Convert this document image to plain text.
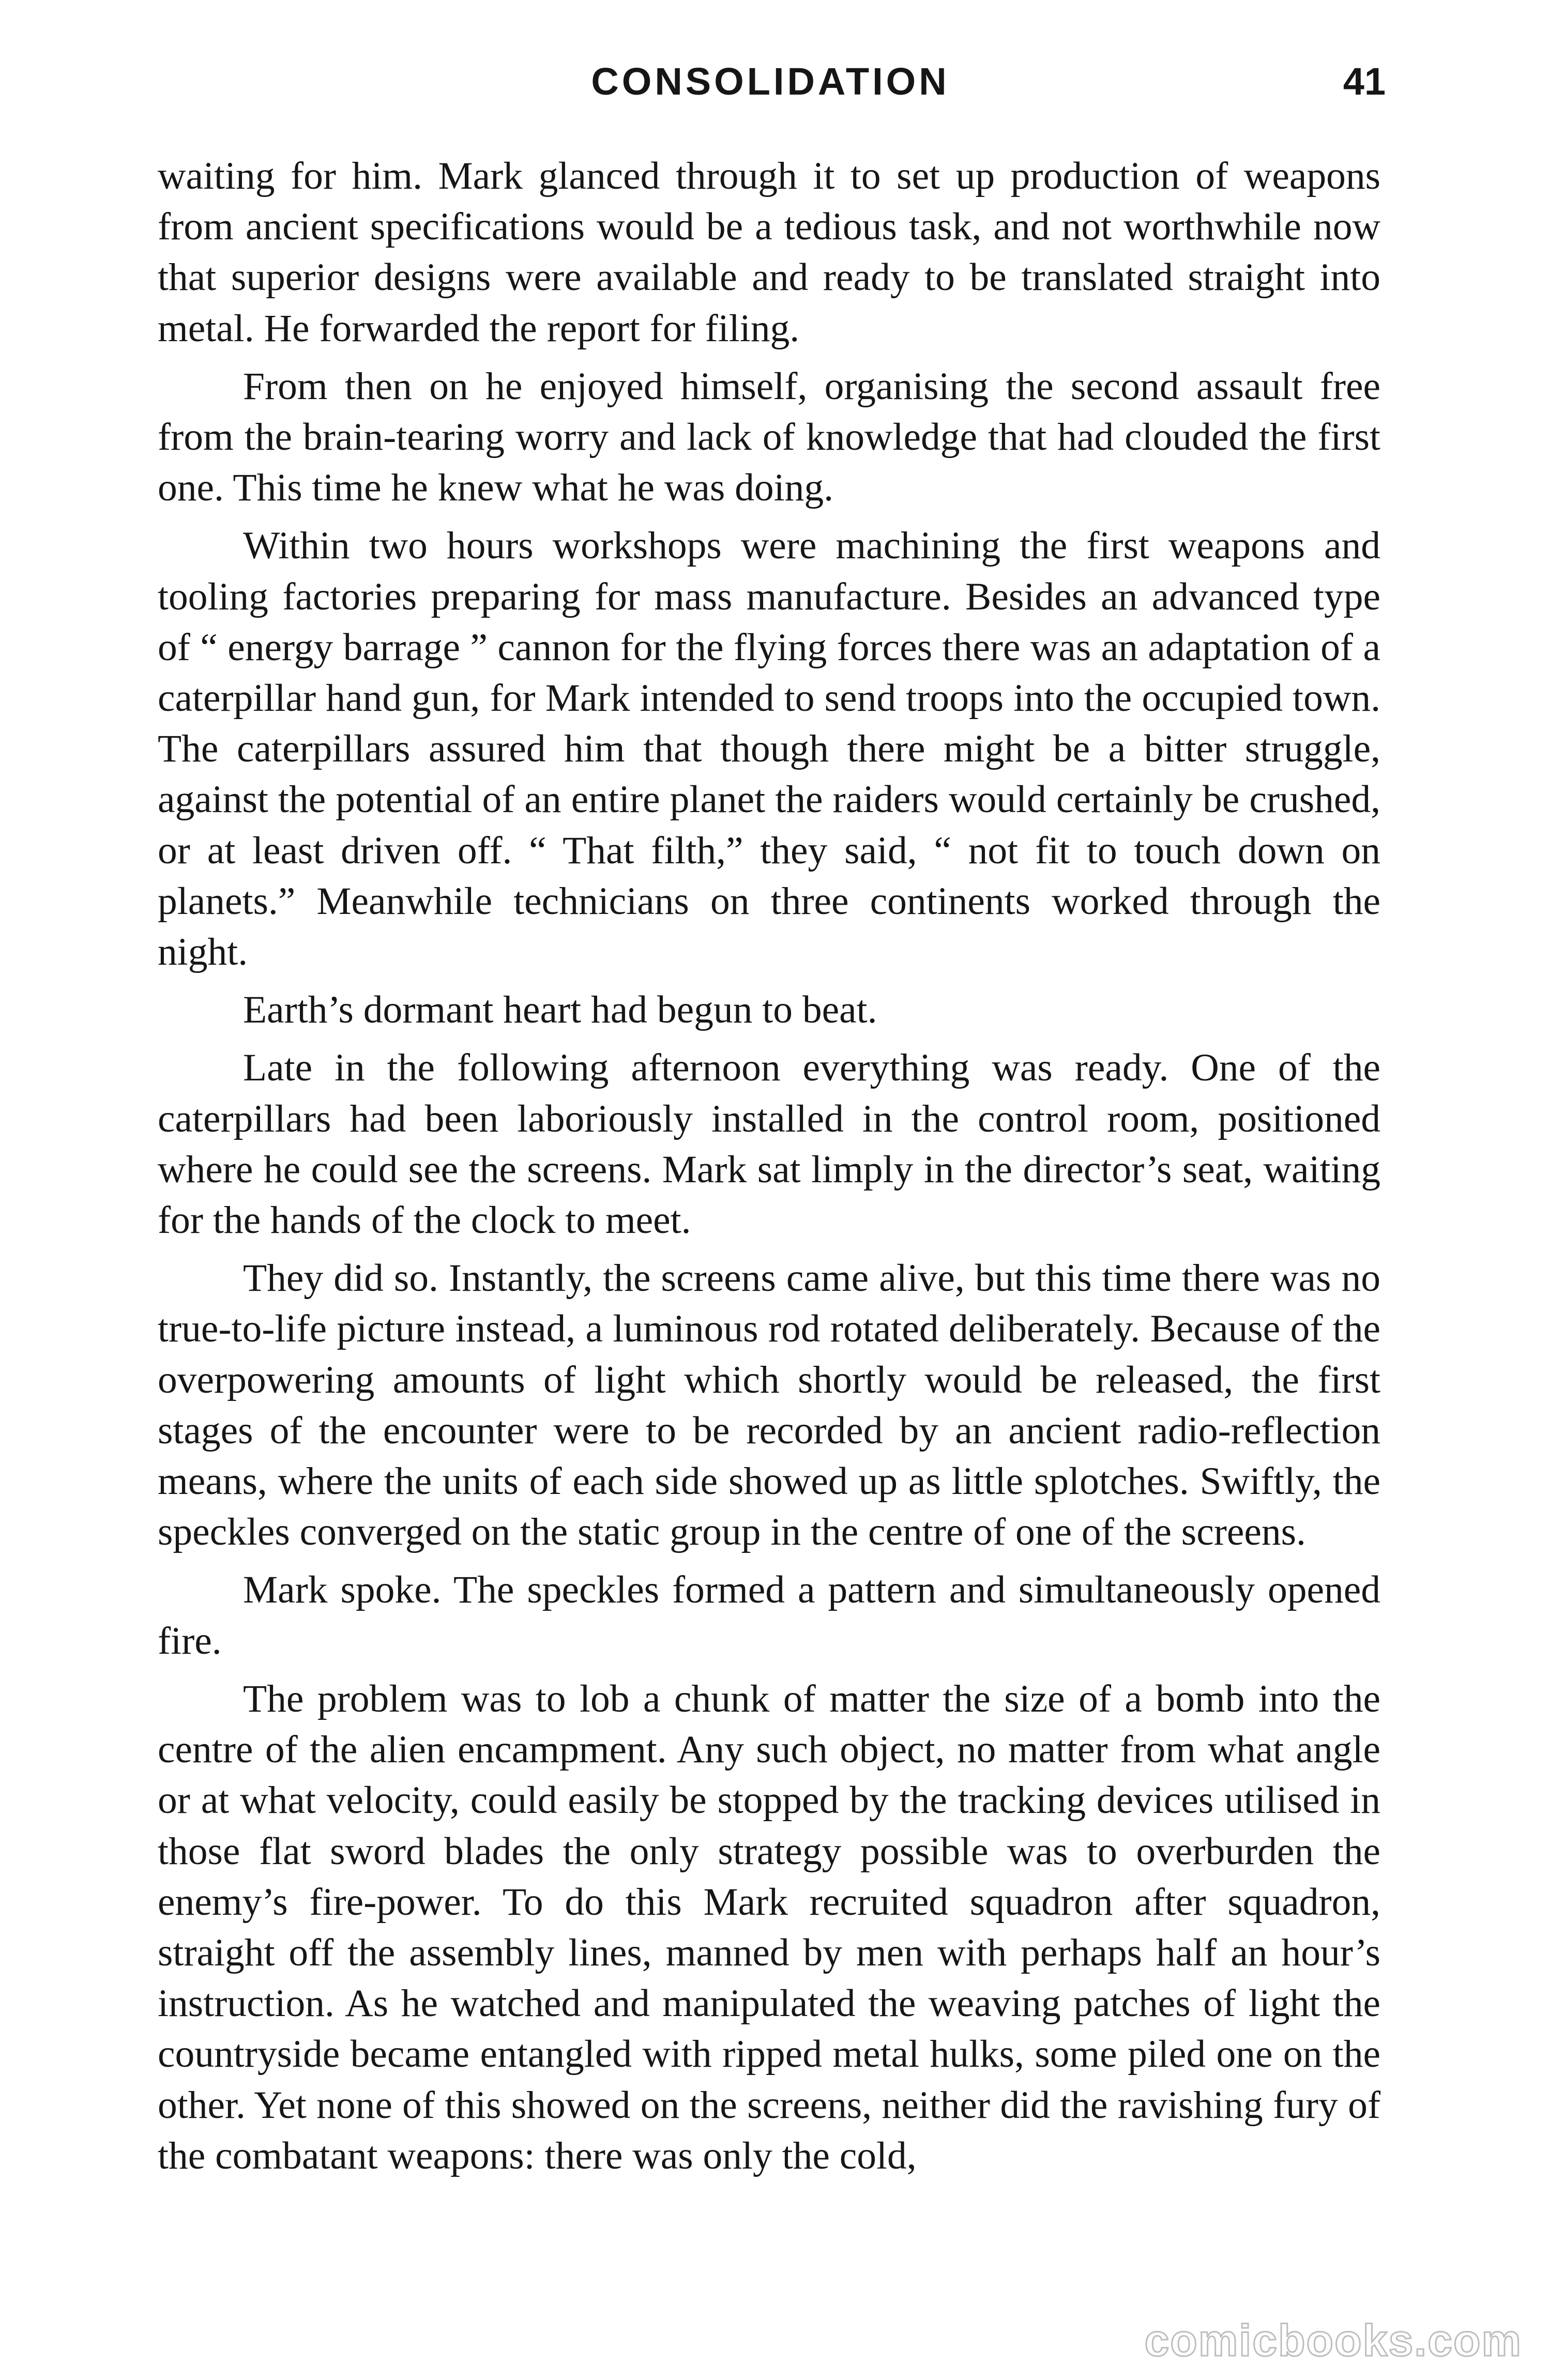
CONSOLIDATION	41

waiting for him. Mark glanced through it to set up production of weapons from ancient specifications would be a tedious task, and not worthwhile now that superior designs were available and ready to be translated straight into metal. He forwarded the report for filing.

From then on he enjoyed himself, organising the second assault free from the brain-tearing worry and lack of knowledge that had clouded the first one. This time he knew what he was doing.

Within two hours workshops were machining the first weapons and tooling factories preparing for mass manufacture. Besides an advanced type of “ energy barrage ” cannon for the flying forces there was an adaptation of a caterpillar hand gun, for Mark intended to send troops into the occupied town. The caterpillars assured him that though there might be a bitter struggle, against the potential of an entire planet the raiders would certainly be crushed, or at least driven off. “ That filth,” they said, “ not fit to touch down on planets.” Meanwhile technicians on three continents worked through the night.

Earth’s dormant heart had begun to beat.

Late in the following afternoon everything was ready. One of the caterpillars had been laboriously installed in the control room, positioned where he could see the screens. Mark sat limply in the director’s seat, waiting for the hands of the clock to meet.

They did so. Instantly, the screens came alive, but this time there was no true-to-life picture instead, a luminous rod rotated deliberately. Because of the overpowering amounts of light which shortly would be released, the first stages of the encounter were to be recorded by an ancient radio-reflection means, where the units of each side showed up as little splotches. Swiftly, the speckles converged on the static group in the centre of one of the screens.

Mark spoke. The speckles formed a pattern and simultaneously opened fire.

The problem was to lob a chunk of matter the size of a bomb into the centre of the alien encampment. Any such object, no matter from what angle or at what velocity, could easily be stopped by the tracking devices utilised in those flat sword blades the only strategy possible was to overburden the enemy’s fire-power. To do this Mark recruited squadron after squadron, straight off the assembly lines, manned by men with perhaps half an hour’s instruction. As he watched and manipulated the weaving patches of light the countryside became entangled with ripped metal hulks, some piled one on the other. Yet none of this showed on the screens, neither did the ravishing fury of the combatant weapons: there was only the cold,

comicbooks.com
